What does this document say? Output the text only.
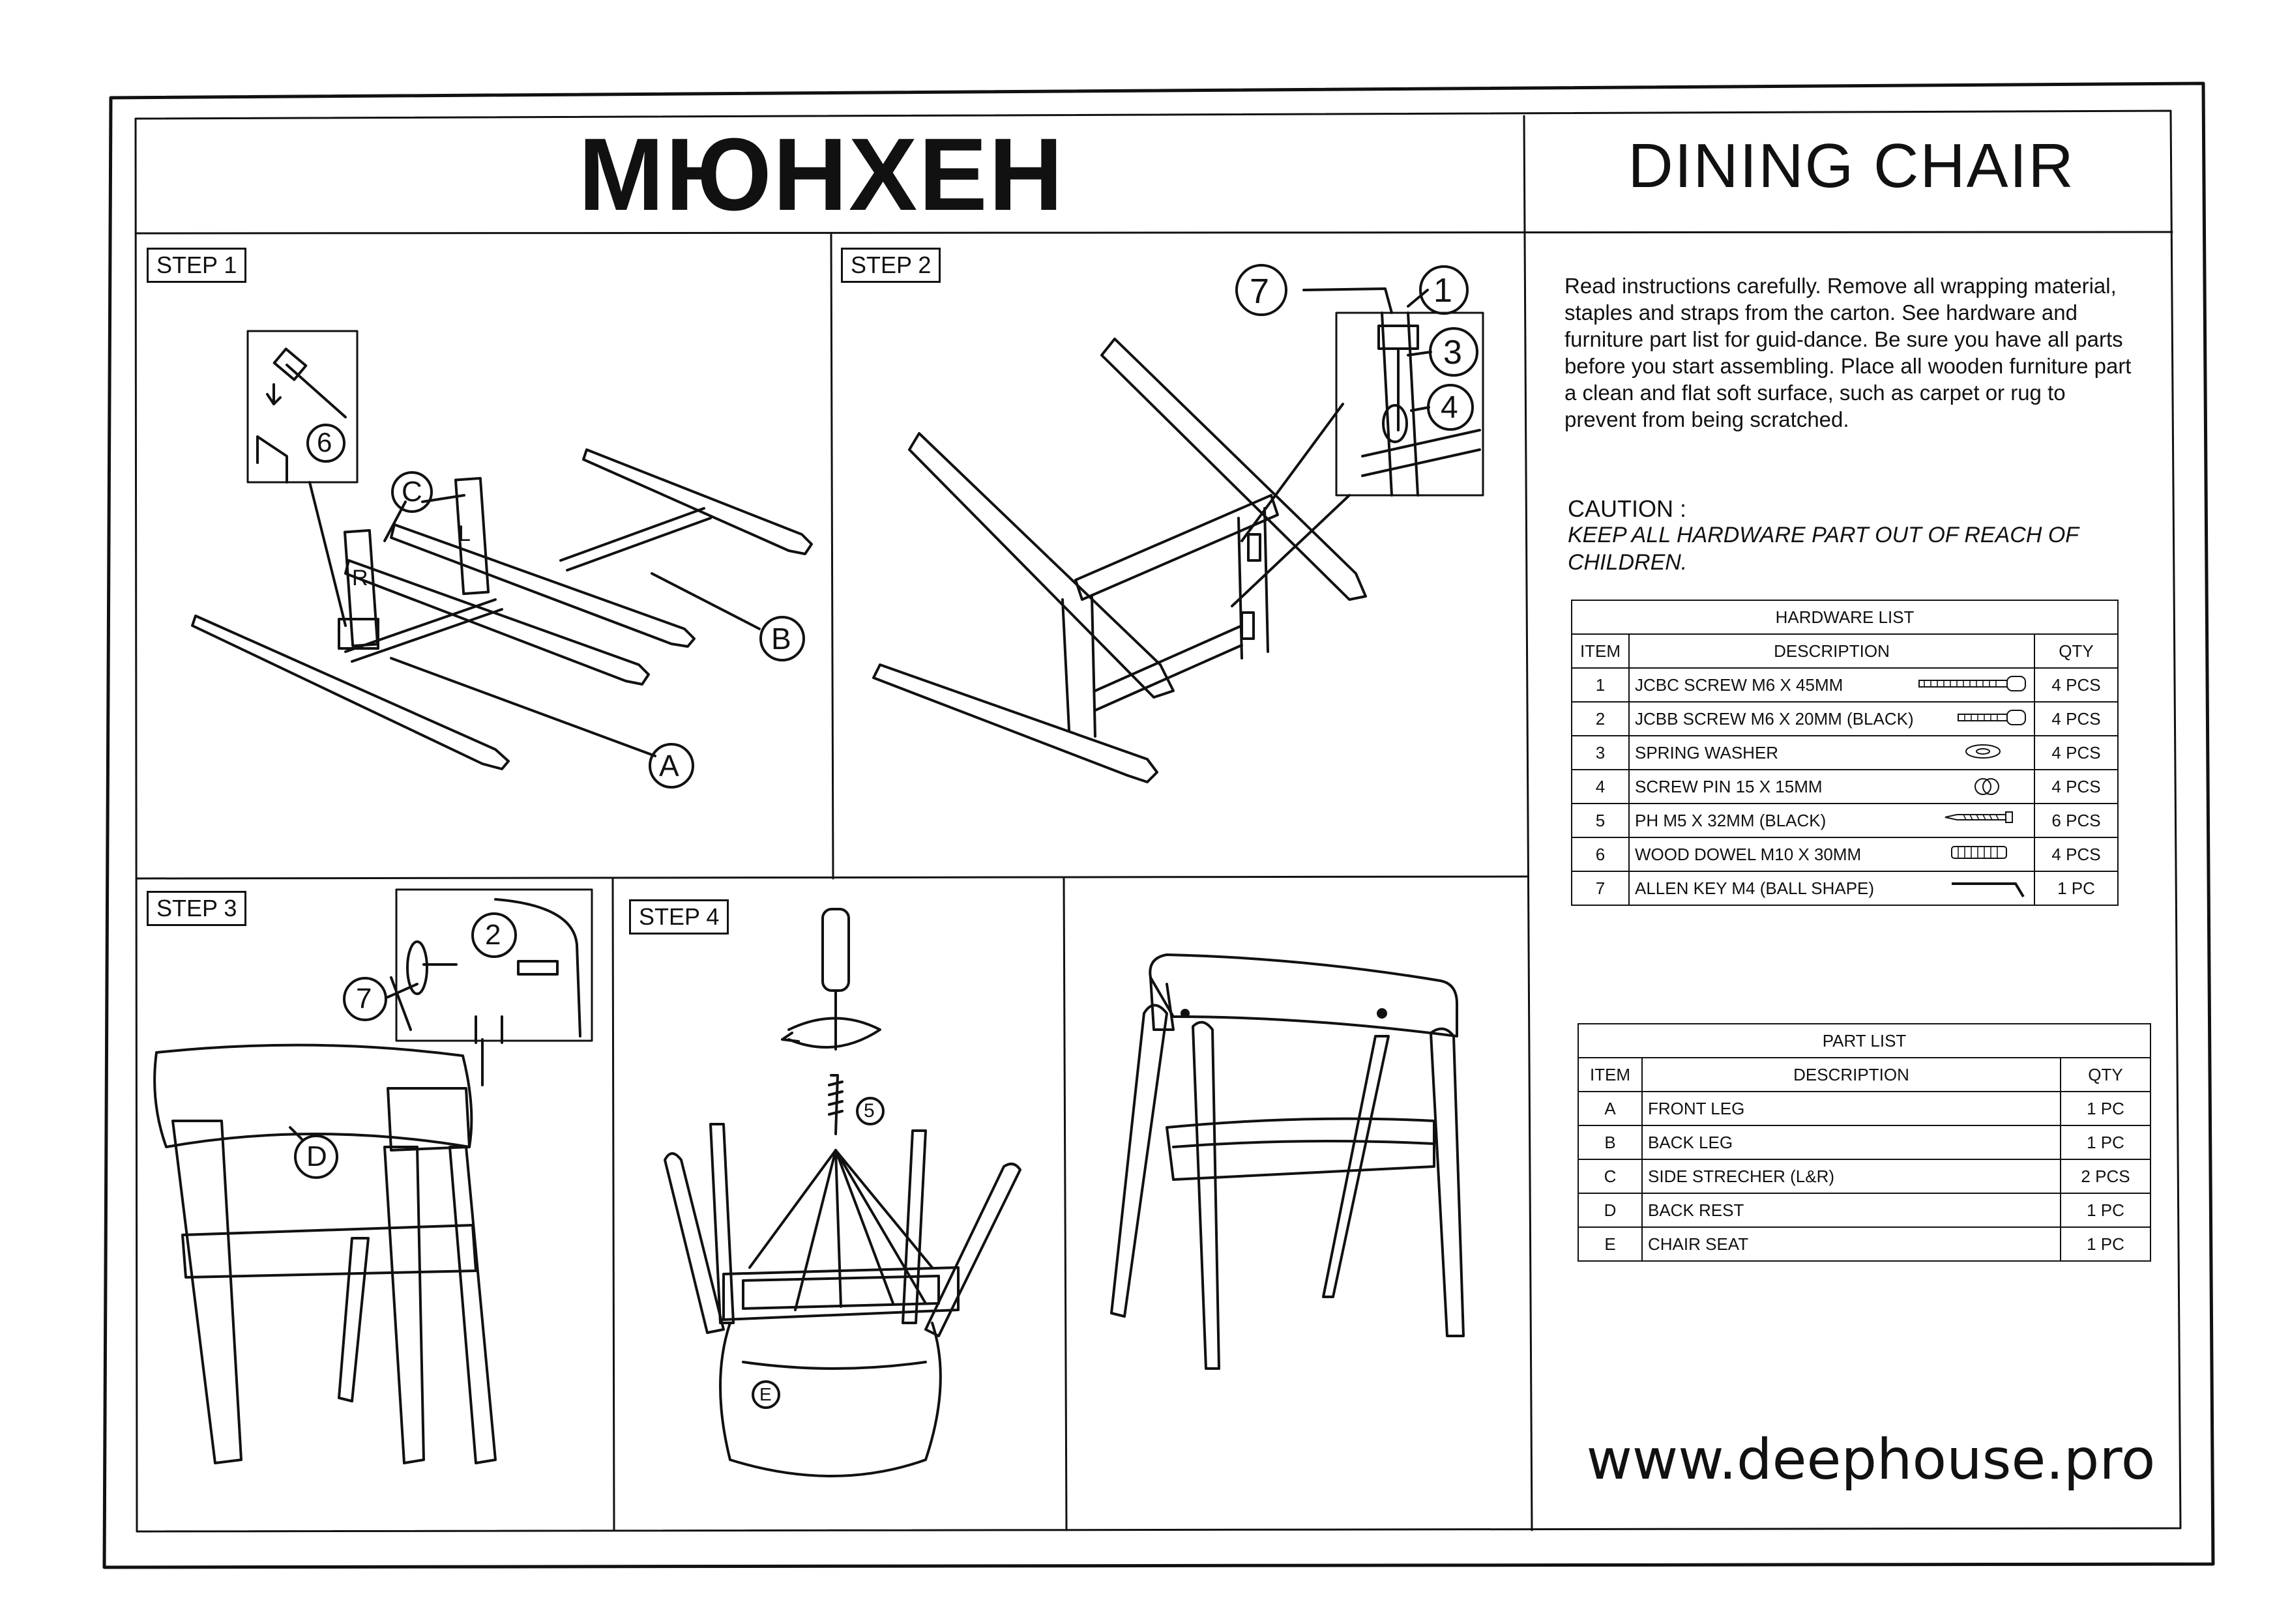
МЮНХЕН	DINING CHAIR
STEP 1	STEP 2
STEP 3	STEP 4
A
B
C
L
R
6
7	1
3
4
2
7
D
5
E
Read instructions carefully. Remove all wrapping material, staples and straps from the carton. See hardware and furniture part list for guid-dance. Be sure you have all parts before you start assembling. Place all wooden furniture part a clean and flat soft surface, such as carpet or rug to prevent from being scratched.
CAUTION :
KEEP ALL HARDWARE PART OUT OF REACH OF CHILDREN.
HARDWARE LIST		
ITEM	DESCRIPTION	QTY
1	JCBC SCREW M6 X 45MM	4 PCS
2	JCBB SCREW M6 X 20MM (BLACK)	4 PCS
3	SPRING WASHER	4 PCS
4	SCREW PIN 15 X 15MM	4 PCS
5	PH M5 X 32MM (BLACK)	6 PCS
6	WOOD DOWEL M10 X 30MM	4 PCS
7	ALLEN KEY M4 (BALL SHAPE)	1 PC
PART LIST		
ITEM	DESCRIPTION	QTY
A	FRONT LEG	1 PC
B	BACK LEG	1 PC
C	SIDE STRECHER (L&R)	2 PCS
D	BACK REST	1 PC
E	CHAIR SEAT	1 PC
www.deephouse.pro
